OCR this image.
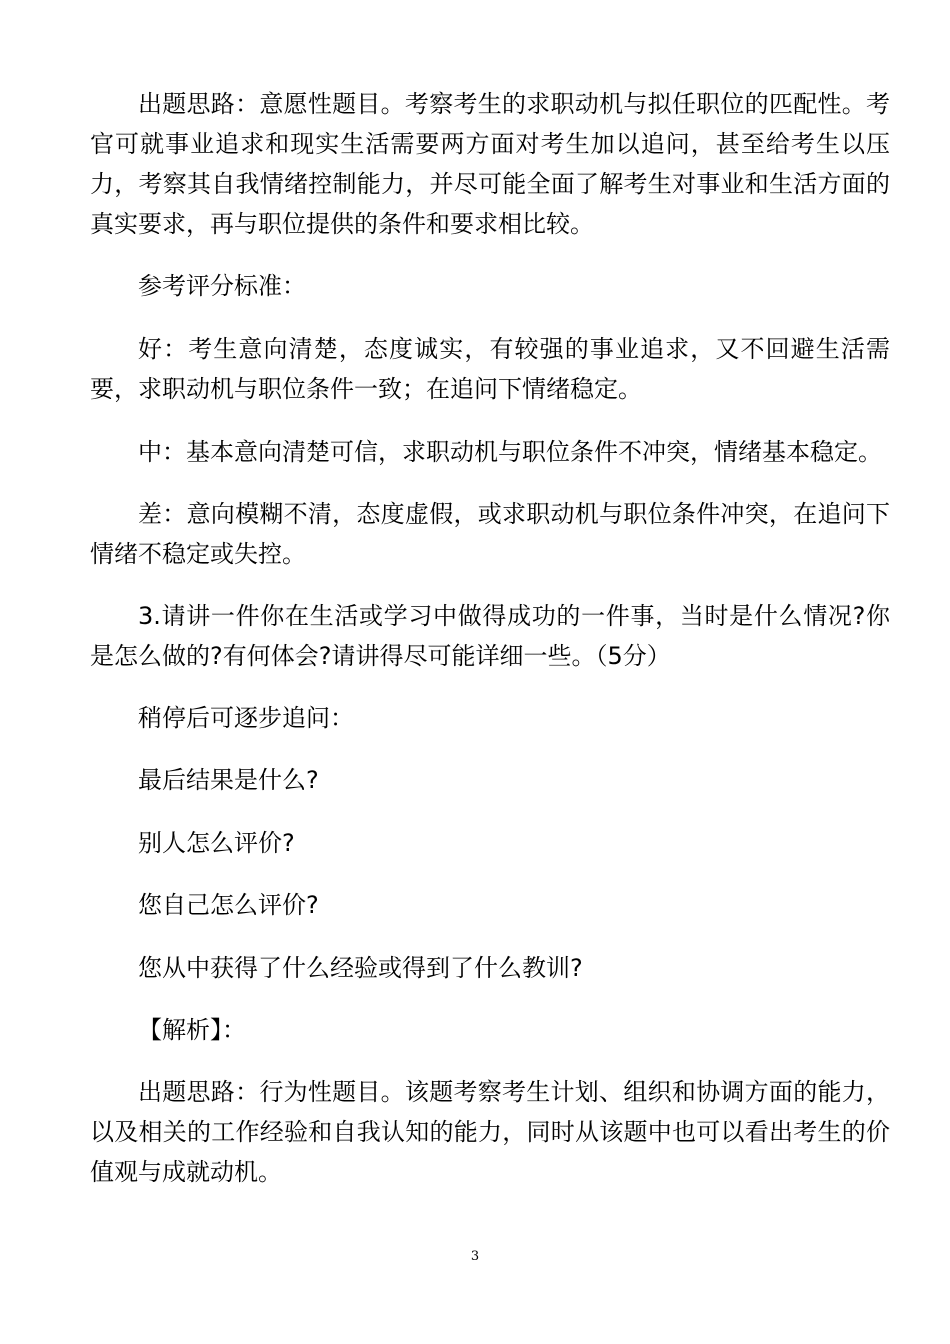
出题思路：意愿性题目。考察考生的求职动机与拟任职位的匹配性。考官可就事业追求和现实生活需要两方面对考生加以追问，甚至给考生以压力，考察其自我情绪控制能力，并尽可能全面了解考生对事业和生活方面的真实要求，再与职位提供的条件和要求相比较。

参考评分标准：

好：考生意向清楚，态度诚实，有较强的事业追求，又不回避生活需要，求职动机与职位条件一致；在追问下情绪稳定。

中：基本意向清楚可信，求职动机与职位条件不冲突，情绪基本稳定。

差：意向模糊不清，态度虚假，或求职动机与职位条件冲突，在追问下情绪不稳定或失控。

3.请讲一件你在生活或学习中做得成功的一件事，当时是什么情况?你是怎么做的?有何体会?请讲得尽可能详细一些。（5分）

稍停后可逐步追问：

最后结果是什么?

别人怎么评价?

您自己怎么评价?

您从中获得了什么经验或得到了什么教训?

【解析】：

出题思路：行为性题目。该题考察考生计划、组织和协调方面的能力，以及相关的工作经验和自我认知的能力，同时从该题中也可以看出考生的价值观与成就动机。

3
